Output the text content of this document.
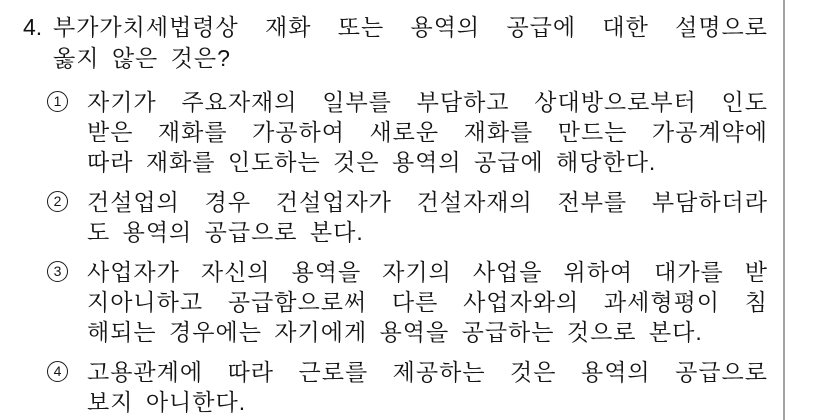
4. 부가가치세법령상 재화 또는 용역의 공급에 대한 설명으로
옳지 않은 것은?
1 자기가 주요자재의 일부를 부담하고 상대방으로부터 인도
받은 재화를 가공하여 새로운 재화를 만드는 가공계약에
따라 재화를 인도하는 것은 용역의 공급에 해당한다.
2 건설업의 경우 건설업자가 건설자재의 전부를 부담하더라
도 용역의 공급으로 본다.
3 사업자가 자신의 용역을 자기의 사업을 위하여 대가를 받
지아니하고 공급함으로써 다른 사업자와의 과세형평이 침
해되는 경우에는 자기에게 용역을 공급하는 것으로 본다.
4 고용관계에 따라 근로를 제공하는 것은 용역의 공급으로
보지 아니한다.
